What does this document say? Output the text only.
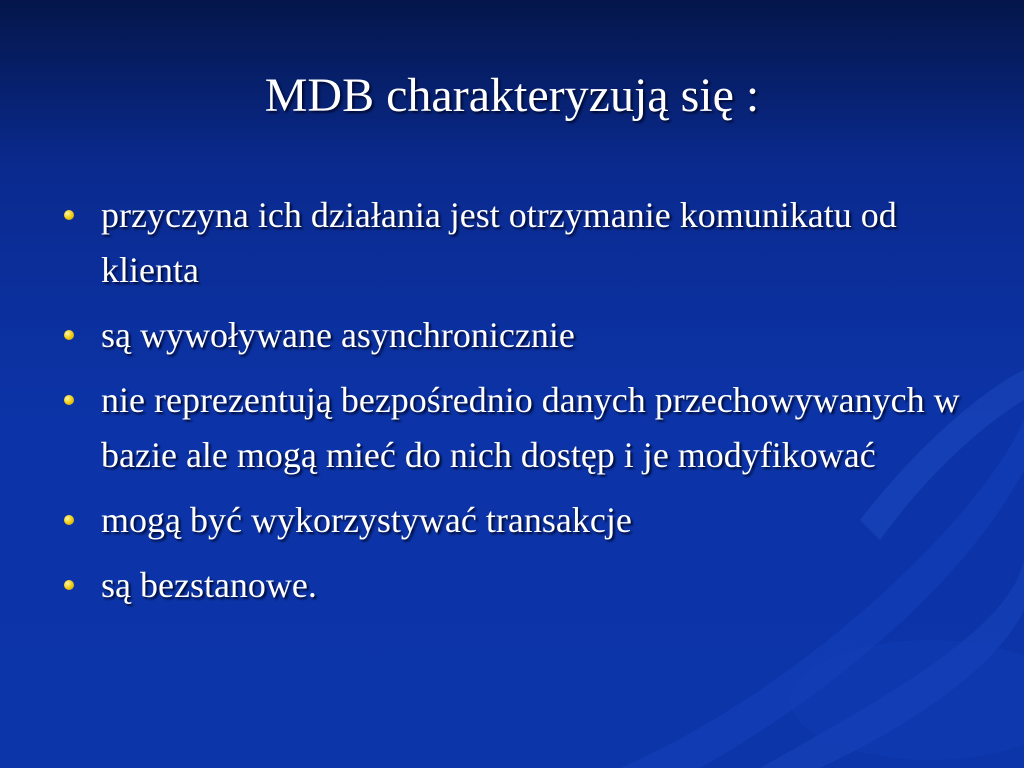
MDB charakteryzują się :
przyczyna ich działania jest otrzymanie komunikatu od klienta
są wywoływane asynchronicznie
nie reprezentują bezpośrednio danych przechowywanych w bazie ale mogą mieć do nich dostęp i je modyfikować
mogą być wykorzystywać transakcje
są bezstanowe.
